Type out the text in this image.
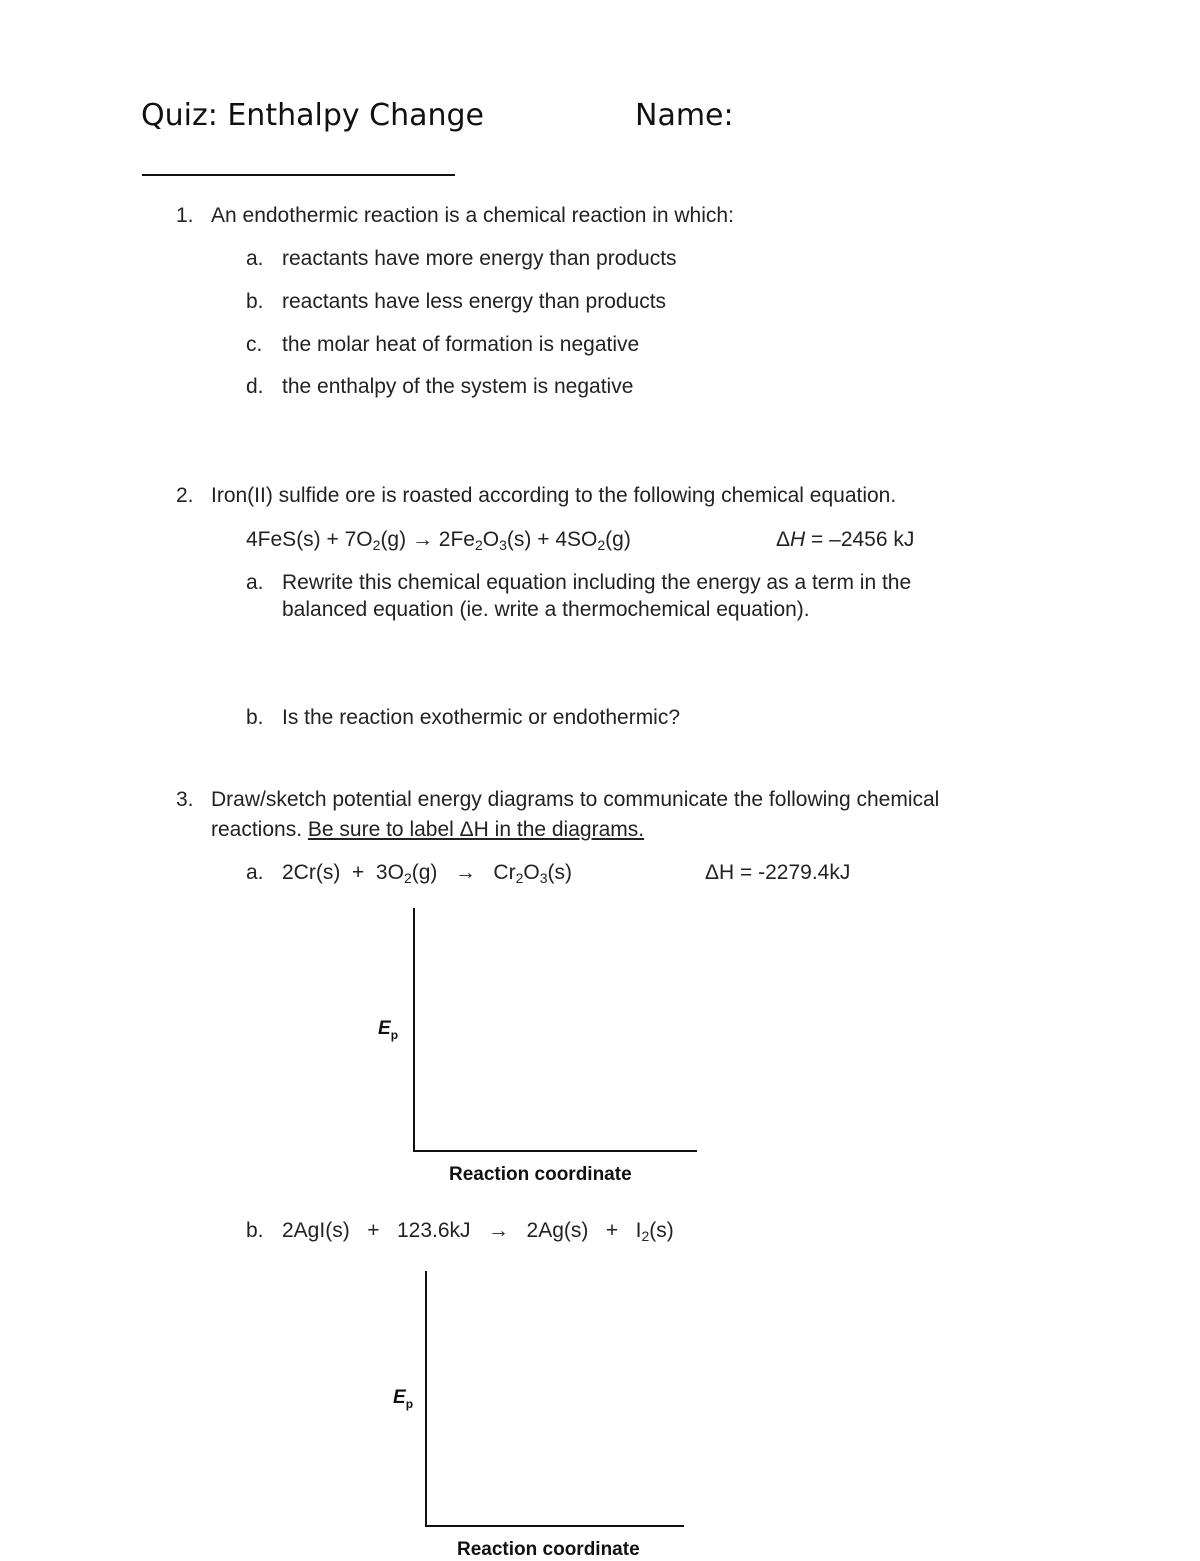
Quiz: Enthalpy Change	Name:
1. An endothermic reaction is a chemical reaction in which:
a. reactants have more energy than products
b. reactants have less energy than products
c. the molar heat of formation is negative
d. the enthalpy of the system is negative
2. Iron(II) sulfide ore is roasted according to the following chemical equation.
$4FeS(s) + 7O_2(g) \to 2Fe_2O_3(s) + 4SO_2(g)$	ΔH = –2456 kJ
a. Rewrite this chemical equation including the energy as a term in the
balanced equation (ie. write a thermochemical equation).
b. Is the reaction exothermic or endothermic?
3. Draw/sketch potential energy diagrams to communicate the following chemical
reactions. Be sure to label ΔH in the diagrams.
a. $2Cr(s) + 3O_2(g) \to Cr_2O_3(s)$	ΔH = -2279.4kJ
$E_p$
Reaction coordinate
b. $2AgI(s) + 123.6kJ \to 2Ag(s) + I_2(s)$
$E_p$
Reaction coordinate
